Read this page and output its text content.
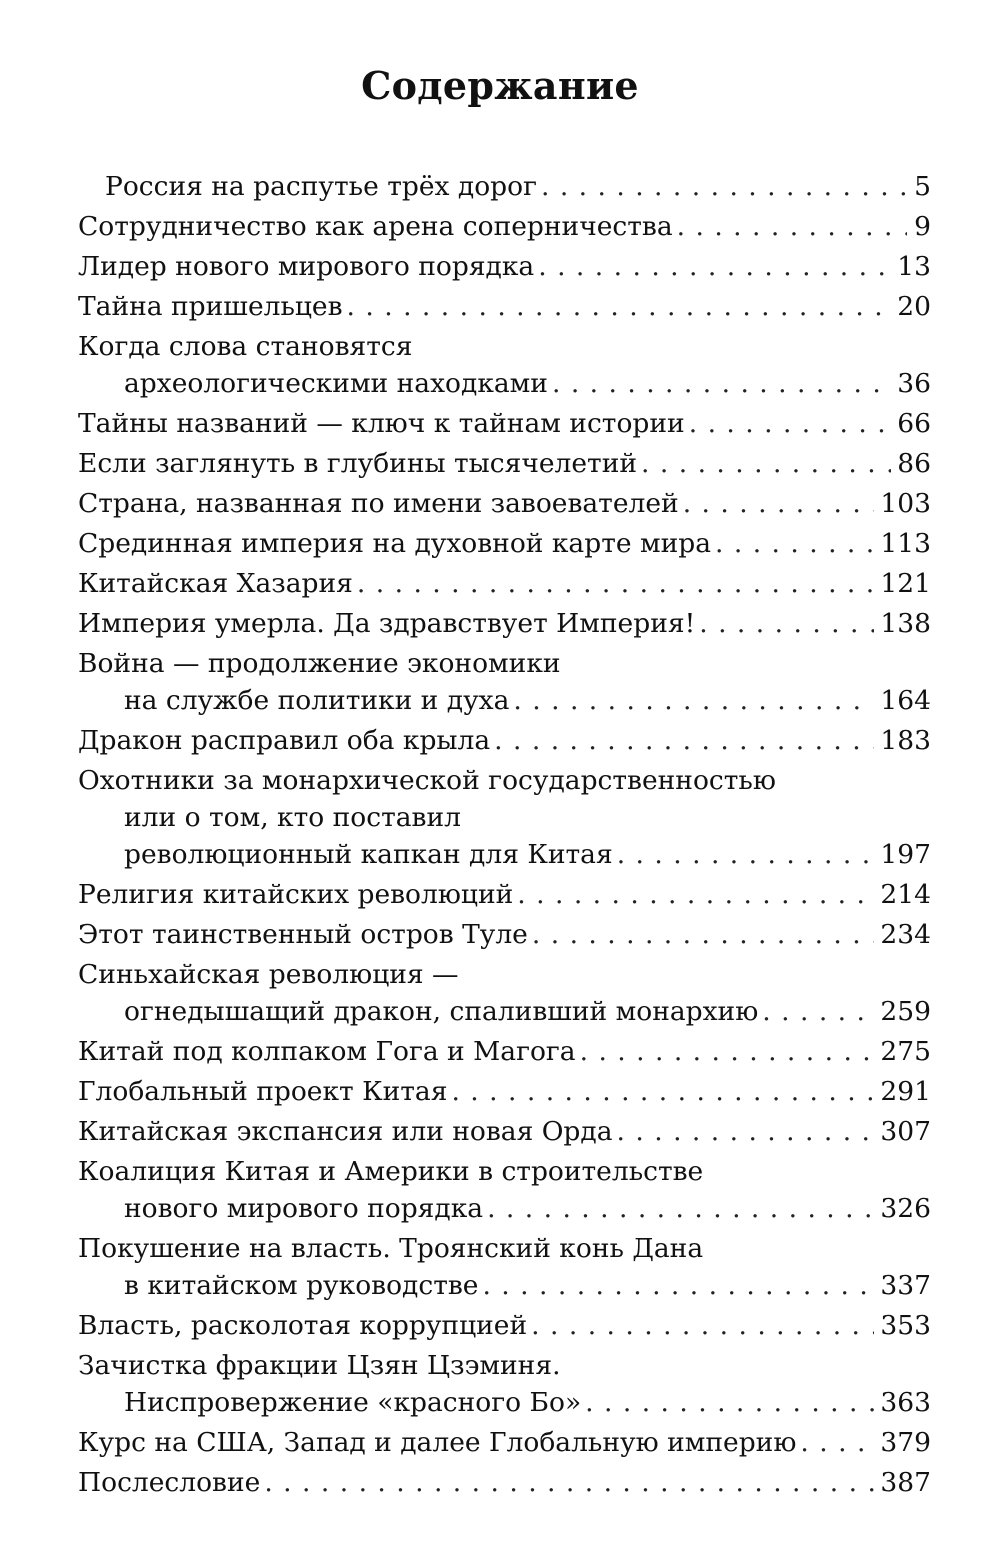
Содержание
Россия на распутье трёх дорог . . .	5
Сотрудничество как арена соперничества . . .	9
Лидер нового мирового порядка . . .	13
Тайна пришельцев . . .	20
Когда слова становятся
археологическими находками . . .	36
Тайны названий — ключ к тайнам истории . . .	66
Если заглянуть в глубины тысячелетий . . .	86
Страна, названная по имени завоевателей . . .	103
Срединная империя на духовной карте мира . . .	113
Китайская Хазария . . .	121
Империя умерла. Да здравствует Империя! . . .	138
Война — продолжение экономики
на службе политики и духа . . .	164
Дракон расправил оба крыла . . .	183
Охотники за монархической государственностью
или о том, кто поставил
революционный капкан для Китая . . .	197
Религия китайских революций . . .	214
Этот таинственный остров Туле . . .	234
Синьхайская революция —
огнедышащий дракон, спаливший монархию . . .	259
Китай под колпаком Гога и Магога . . .	275
Глобальный проект Китая . . .	291
Китайская экспансия или новая Орда . . .	307
Коалиция Китая и Америки в строительстве
нового мирового порядка . . .	326
Покушение на власть. Троянский конь Дана
в китайском руководстве . . .	337
Власть, расколотая коррупцией . . .	353
Зачистка фракции Цзян Цзэминя.
Ниспровержение «красного Бо» . . .	363
Курс на США, Запад и далее Глобальную империю . . .	379
Послесловие . . .	387
